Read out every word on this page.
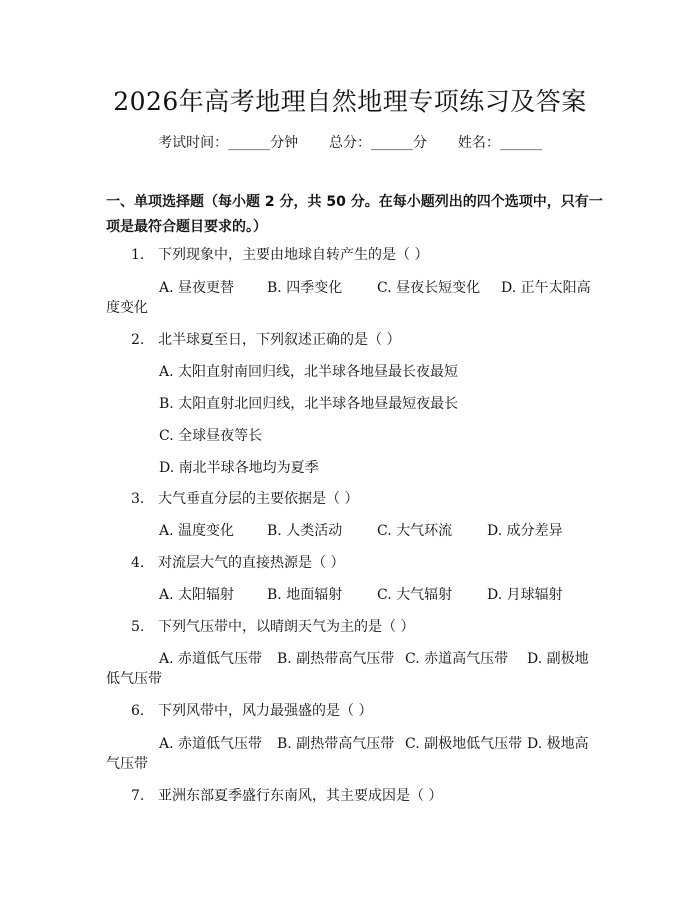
2026年高考地理自然地理专项练习及答案
考试时间：______分钟 总分：______分 姓名：______
一、单项选择题（每小题 2 分，共 50 分。在每小题列出的四个选项中，只有一项是最符合题目要求的。）
1. 下列现象中，主要由地球自转产生的是（ ）
A. 昼夜更替 B. 四季变化 C. 昼夜长短变化 D. 正午太阳高
度变化
2. 北半球夏至日，下列叙述正确的是（ ）
A. 太阳直射南回归线，北半球各地昼最长夜最短
B. 太阳直射北回归线，北半球各地昼最短夜最长
C. 全球昼夜等长
D. 南北半球各地均为夏季
3. 大气垂直分层的主要依据是（ ）
A. 温度变化 B. 人类活动 C. 大气环流 D. 成分差异
4. 对流层大气的直接热源是（ ）
A. 太阳辐射 B. 地面辐射 C. 大气辐射 D. 月球辐射
5. 下列气压带中，以晴朗天气为主的是（ ）
A. 赤道低气压带 B. 副热带高气压带 C. 赤道高气压带 D. 副极地
低气压带
6. 下列风带中，风力最强盛的是（ ）
A. 赤道低气压带 B. 副热带高气压带 C. 副极地低气压带 D. 极地高
气压带
7. 亚洲东部夏季盛行东南风，其主要成因是（ ）
